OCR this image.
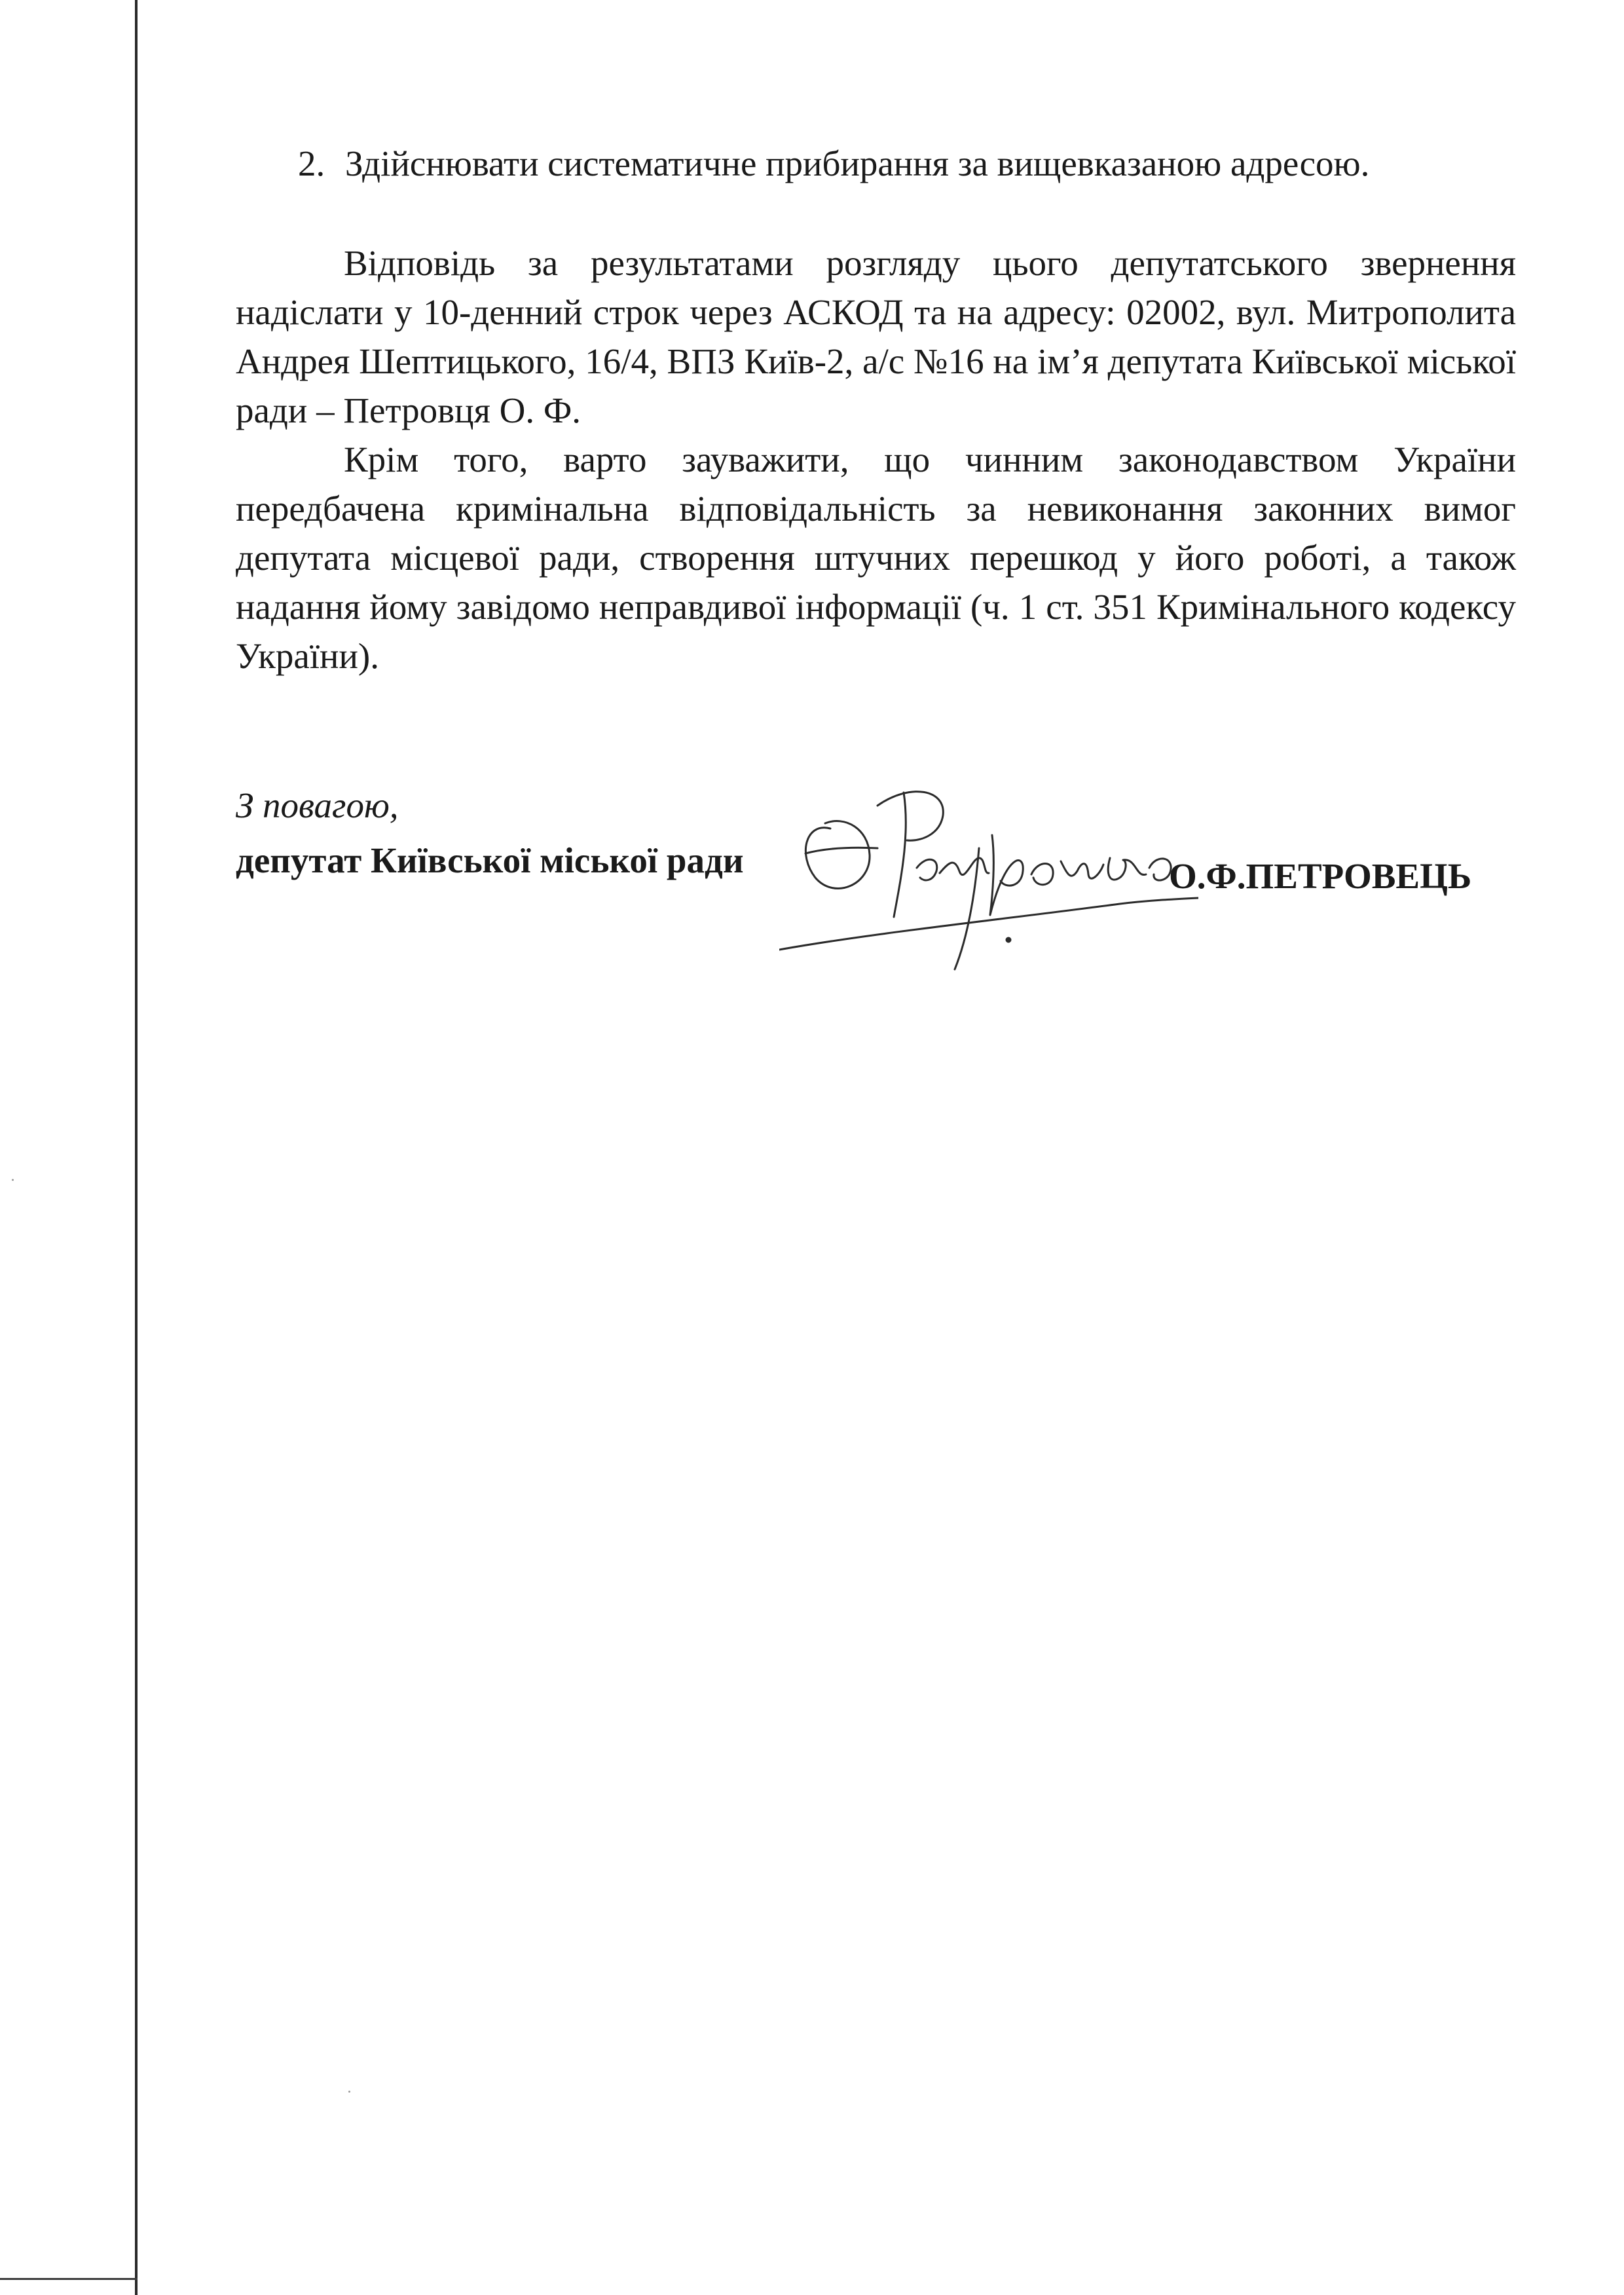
2. Здійснювати систематичне прибирання за вищевказаною адресою.

Відповідь за результатами розгляду цього депутатського звернення надіслати у 10-денний строк через АСКОД та на адресу: 02002, вул. Митрополита Андрея Шептицького, 16/4, ВПЗ Київ-2, а/с №16 на ім’я депутата Київської міської ради – Петровця О. Ф.

Крім того, варто зауважити, що чинним законодавством України передбачена кримінальна відповідальність за невиконання законних вимог депутата місцевої ради, створення штучних перешкод у його роботі, а також надання йому завідомо неправдивої інформації (ч. 1 ст. 351 Кримінального кодексу України).

З повагою,
депутат Київської міської ради	О.Ф.ПЕТРОВЕЦЬ
